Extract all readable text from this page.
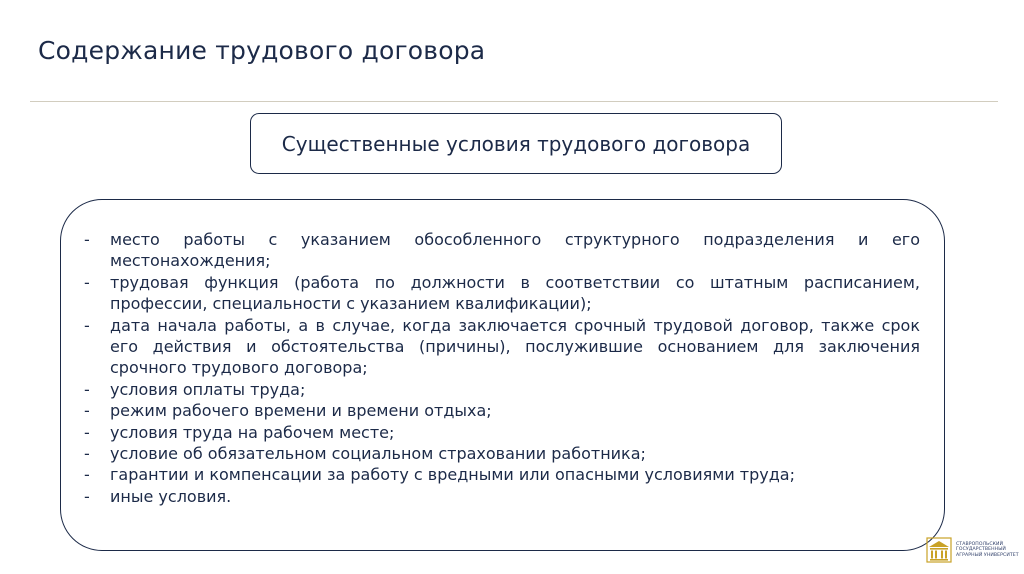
Содержание трудового договора
Существенные условия трудового договора
- место работы с указанием обособленного структурного подразделения и его местонахождения;
- трудовая функция (работа по должности в соответствии со штатным расписанием, профессии, специальности с указанием квалификации);
- дата начала работы, а в случае, когда заключается срочный трудовой договор, также срок его действия и обстоятельства (причины), послужившие основанием для заключения срочного трудового договора;
- условия оплаты труда;
- режим рабочего времени и времени отдыха;
- условия труда на рабочем месте;
- условие об обязательном социальном страховании работника;
- гарантии и компенсации за работу с вредными или опасными условиями труда;
- иные условия.
СТАВРОПОЛЬСКИЙ
ГОСУДАРСТВЕННЫЙ
АГРАРНЫЙ УНИВЕРСИТЕТ
